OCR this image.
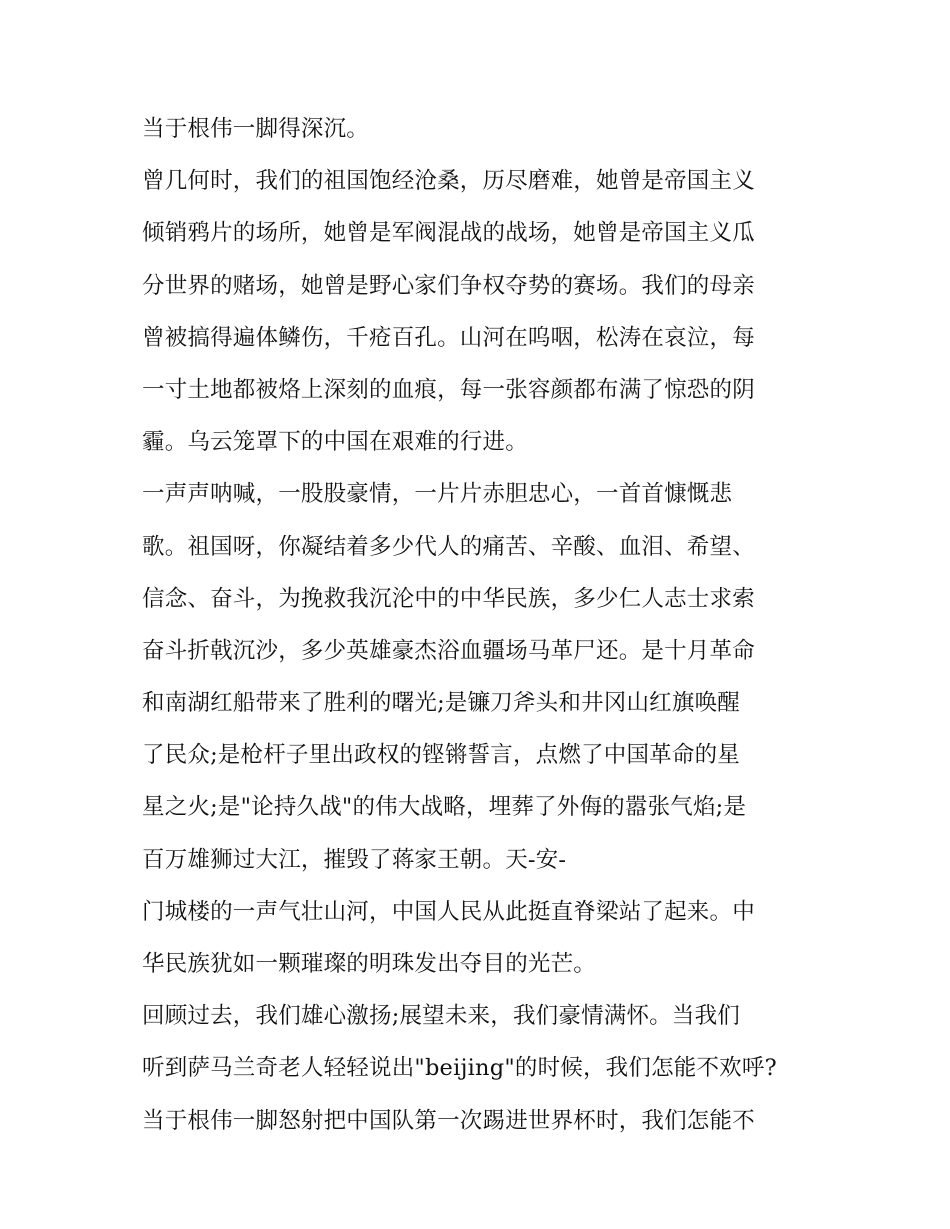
当于根伟一脚得深沉。
曾几何时，我们的祖国饱经沧桑，历尽磨难，她曾是帝国主义
倾销鸦片的场所，她曾是军阀混战的战场，她曾是帝国主义瓜
分世界的赌场，她曾是野心家们争权夺势的赛场。我们的母亲
曾被搞得遍体鳞伤，千疮百孔。山河在呜咽，松涛在哀泣，每
一寸土地都被烙上深刻的血痕，每一张容颜都布满了惊恐的阴
霾。乌云笼罩下的中国在艰难的行进。
一声声呐喊，一股股豪情，一片片赤胆忠心，一首首慷慨悲
歌。祖国呀，你凝结着多少代人的痛苦、辛酸、血泪、希望、
信念、奋斗，为挽救我沉沦中的中华民族，多少仁人志士求索
奋斗折戟沉沙，多少英雄豪杰浴血疆场马革尸还。是十月革命
和南湖红船带来了胜利的曙光;是镰刀斧头和井冈山红旗唤醒
了民众;是枪杆子里出政权的铿锵誓言，点燃了中国革命的星
星之火;是"论持久战"的伟大战略，埋葬了外侮的嚣张气焰;是
百万雄狮过大江，摧毁了蒋家王朝。天-安-
门城楼的一声气壮山河，中国人民从此挺直脊梁站了起来。中
华民族犹如一颗璀璨的明珠发出夺目的光芒。
回顾过去，我们雄心激扬;展望未来，我们豪情满怀。当我们
听到萨马兰奇老人轻轻说出"beijing"的时候，我们怎能不欢呼?
当于根伟一脚怒射把中国队第一次踢进世界杯时，我们怎能不
